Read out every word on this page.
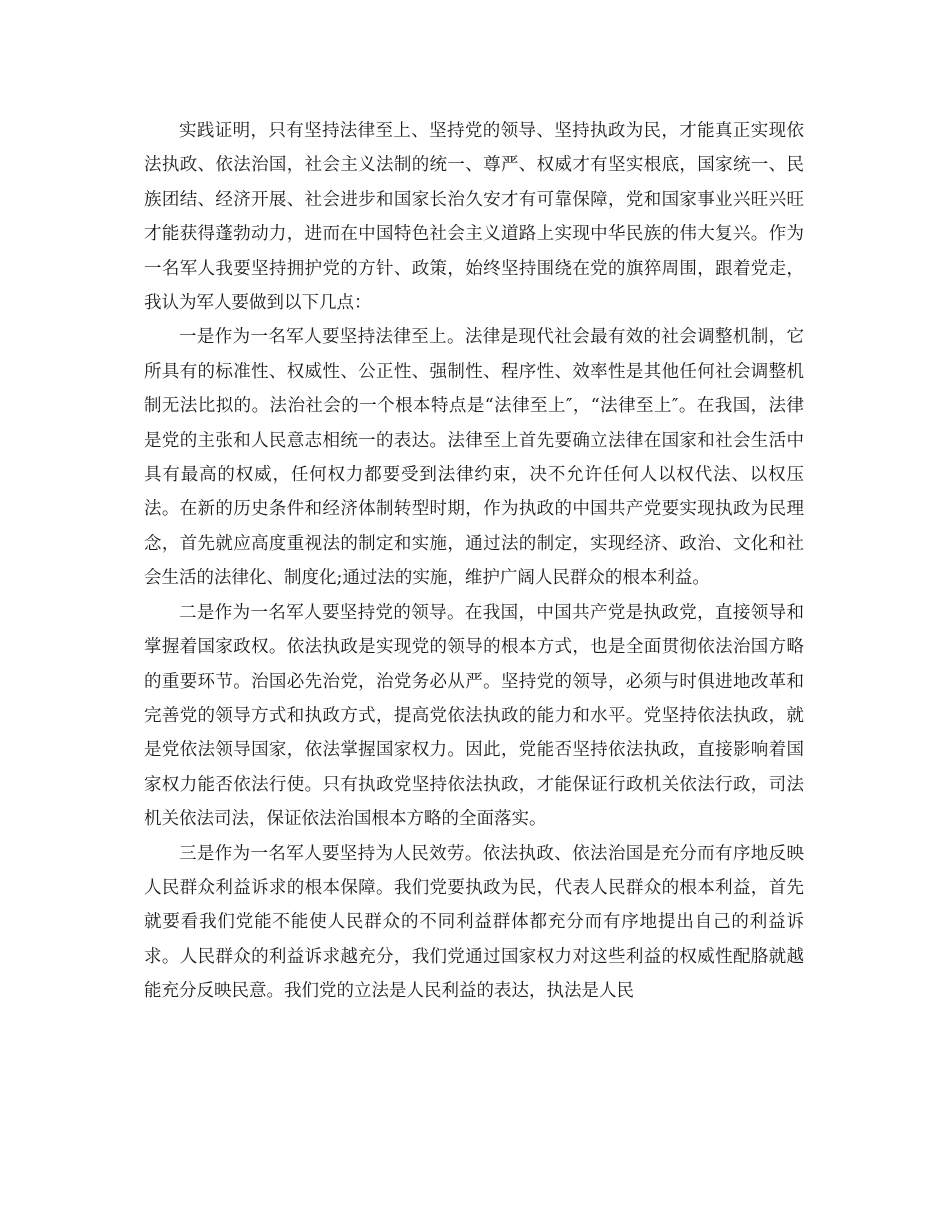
实践证明，只有坚持法律至上、坚持党的领导、坚持执政为民，才能真正实现依法执政、依法治国，社会主义法制的统一、尊严、权威才有坚实根底，国家统一、民族团结、经济开展、社会进步和国家长治久安才有可靠保障，党和国家事业兴旺兴旺才能获得蓬勃动力，进而在中国特色社会主义道路上实现中华民族的伟大复兴。作为一名军人我要坚持拥护党的方针、政策，始终坚持围绕在党的旗猝周围，跟着党走，我认为军人要做到以下几点：

一是作为一名军人要坚持法律至上。法律是现代社会最有效的社会调整机制，它所具有的标准性、权威性、公正性、强制性、程序性、效率性是其他任何社会调整机制无法比拟的。法治社会的一个根本特点是“法律至上″，“法律至上″。在我国，法律是党的主张和人民意志相统一的表达。法律至上首先要确立法律在国家和社会生活中具有最高的权威，任何权力都要受到法律约束，决不允许任何人以权代法、以权压法。在新的历史条件和经济体制转型时期，作为执政的中国共产党要实现执政为民理念，首先就应高度重视法的制定和实施，通过法的制定，实现经济、政治、文化和社会生活的法律化、制度化;通过法的实施，维护广阔人民群众的根本利益。

二是作为一名军人要坚持党的领导。在我国，中国共产党是执政党，直接领导和掌握着国家政权。依法执政是实现党的领导的根本方式，也是全面贯彻依法治国方略的重要环节。治国必先治党，治党务必从严。坚持党的领导，必须与时俱进地改革和完善党的领导方式和执政方式，提高党依法执政的能力和水平。党坚持依法执政，就是党依法领导国家，依法掌握国家权力。因此，党能否坚持依法执政，直接影响着国家权力能否依法行使。只有执政党坚持依法执政，才能保证行政机关依法行政，司法机关依法司法，保证依法治国根本方略的全面落实。

三是作为一名军人要坚持为人民效劳。依法执政、依法治国是充分而有序地反映人民群众利益诉求的根本保障。我们党要执政为民，代表人民群众的根本利益，首先就要看我们党能不能使人民群众的不同利益群体都充分而有序地提出自己的利益诉求。人民群众的利益诉求越充分，我们党通过国家权力对这些利益的权威性配胳就越能充分反映民意。我们党的立法是人民利益的表达，执法是人民
